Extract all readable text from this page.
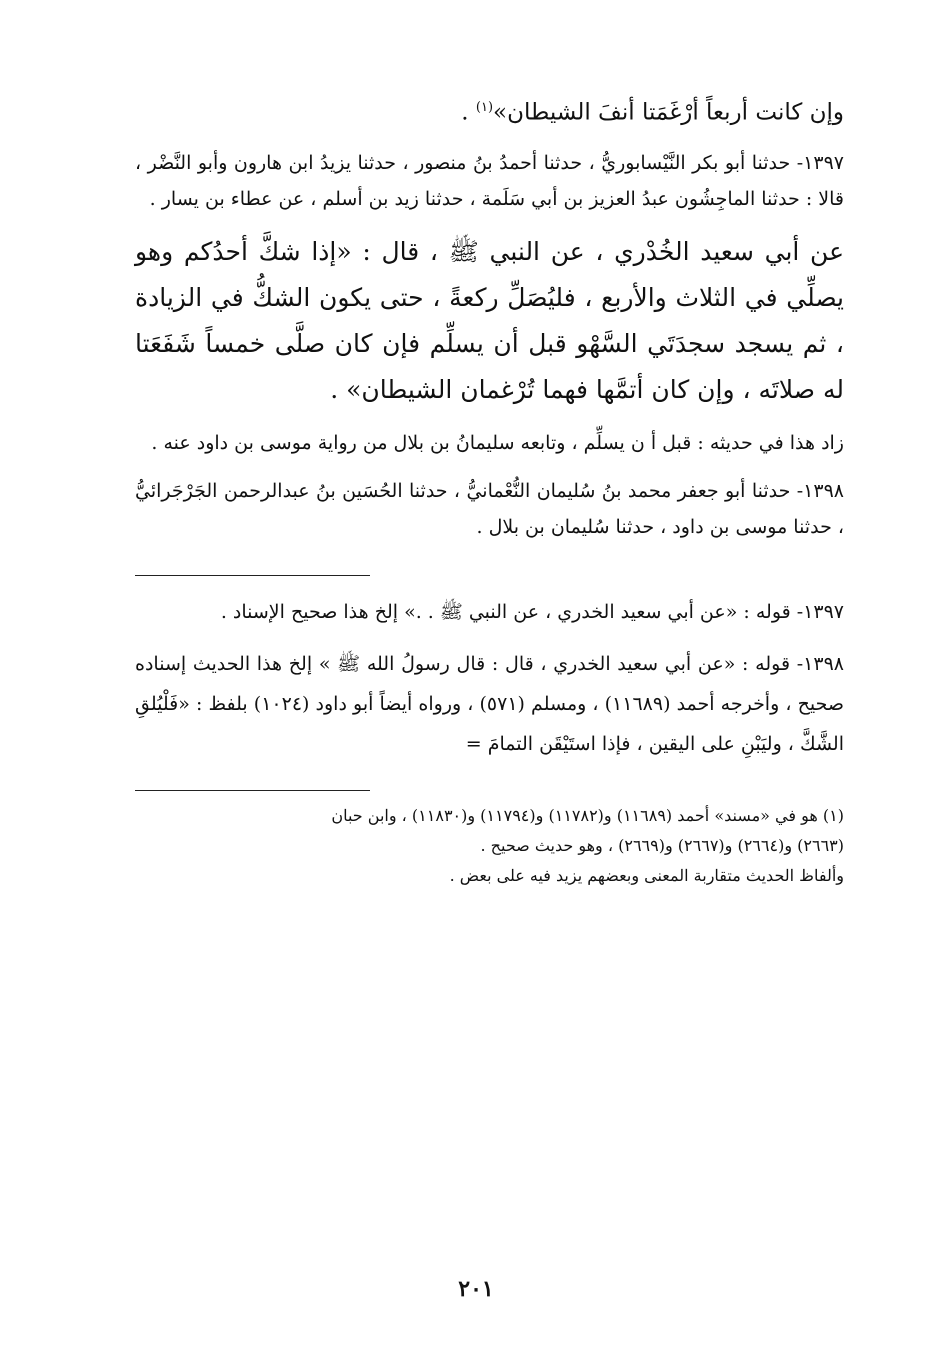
وإن كانت أربعاً أرْغَمَتا أنفَ الشيطان»$^{(١)}$ .

١٣٩٧- حدثنا أبو بكر النَّيْسابوريُّ ، حدثنا أحمدُ بنُ منصور ، حدثنا يزيدُ ابن هارون وأبو النَّضْر ، قالا : حدثنا الماجِشُون عبدُ العزيز بن أبي سَلَمة ، حدثنا زيد بن أسلم ، عن عطاء بن يسار .

عن أبي سعيد الخُدْري ، عن النبي ﷺ ، قال : «إذا شكَّ أحدُكم وهو يصلِّي في الثلاث والأربع ، فليُصَلِّ ركعةً ، حتى يكون الشكُّ في الزيادة ، ثم يسجد سجدَتَي السَّهْو قبل أن يسلِّم فإن كان صلَّى خمساً شَفَعَتا له صلاتَه ، وإن كان أتمَّها فهما تُرْغمان الشيطان» .

زاد هذا في حديثه : قبل أ ن يسلِّم ، وتابعه سليمانُ بن بلال من رواية موسى بن داود عنه .

١٣٩٨- حدثنا أبو جعفر محمد بنُ سُليمان النُّعْمانيُّ ، حدثنا الحُسَين بنُ عبدالرحمن الجَرْجَرائيُّ ، حدثنا موسى بن داود ، حدثنا سُليمان بن بلال .

١٣٩٧- قوله : «عن أبي سعيد الخدري ، عن النبي ﷺ . .» إلخ هذا صحيح الإسناد .

١٣٩٨- قوله : «عن أبي سعيد الخدري ، قال : قال رسولُ الله ﷺ » إلخ هذا الحديث إسناده صحيح ، وأخرجه أحمد (١١٦٨٩) ، ومسلم (٥٧١) ، ورواه أيضاً أبو داود (١٠٢٤) بلفظ : «فَلْيُلقِ الشَّكَّ ، وليَبْنِ على اليقين ، فإذا استَيْقَن التمامَ =

(١) هو في «مسند» أحمد (١١٦٨٩) و(١١٧٨٢) و(١١٧٩٤) و(١١٨٣٠) ، وابن حبان
(٢٦٦٣) و(٢٦٦٤) و(٢٦٦٧) و(٢٦٦٩) ، وهو حديث صحيح .
وألفاظ الحديث متقاربة المعنى وبعضهم يزيد فيه على بعض .
٢٠١
